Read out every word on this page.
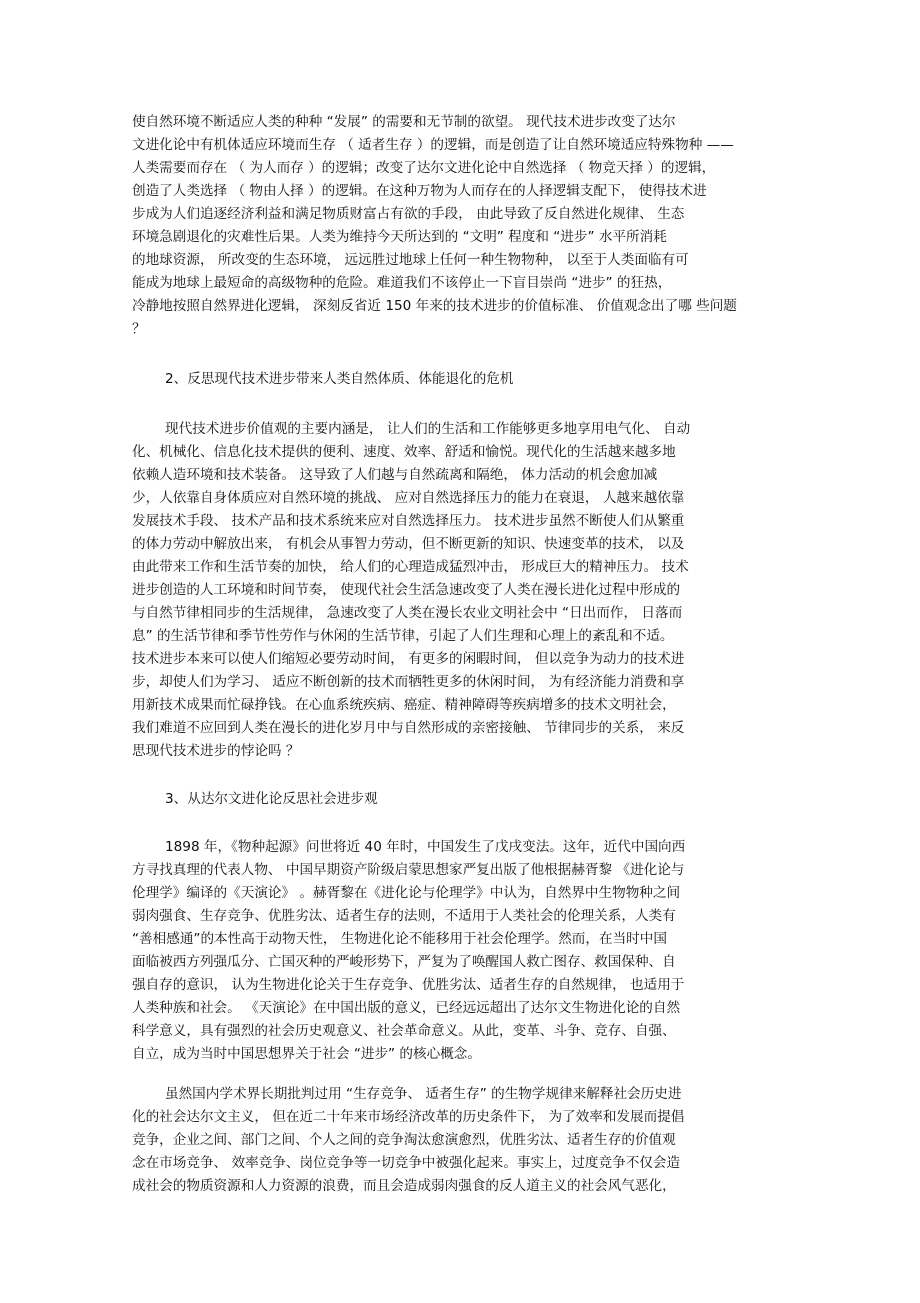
使自然环境不断适应人类的种种 “发展” 的需要和无节制的欲望。 现代技术进步改变了达尔
文进化论中有机体适应环境而生存 （ 适者生存 ）的逻辑，而是创造了让自然环境适应特殊物种 ——
人类需要而存在 （ 为人而存 ）的逻辑；改变了达尔文进化论中自然选择 （ 物竞天择 ）的逻辑，
创造了人类选择 （ 物由人择 ）的逻辑。在这种万物为人而存在的人择逻辑支配下， 使得技术进
步成为人们追逐经济利益和满足物质财富占有欲的手段， 由此导致了反自然进化规律、 生态
环境急剧退化的灾难性后果。人类为维持今天所达到的 “文明” 程度和 “进步” 水平所消耗
的地球资源， 所改变的生态环境， 远远胜过地球上任何一种生物物种， 以至于人类面临有可
能成为地球上最短命的高级物种的危险。难道我们不该停止一下盲目崇尚 “进步” 的狂热，
冷静地按照自然界进化逻辑， 深刻反省近 150 年来的技术进步的价值标准、 价值观念出了哪 些问题
？
2、反思现代技术进步带来人类自然体质、体能退化的危机
现代技术进步价值观的主要内涵是， 让人们的生活和工作能够更多地享用电气化、 自动
化、机械化、信息化技术提供的便利、速度、效率、舒适和愉悦。现代化的生活越来越多地
依赖人造环境和技术装备。 这导致了人们越与自然疏离和隔绝， 体力活动的机会愈加减
少，人依靠自身体质应对自然环境的挑战、 应对自然选择压力的能力在衰退， 人越来越依靠
发展技术手段、 技术产品和技术系统来应对自然选择压力。 技术进步虽然不断使人们从繁重
的体力劳动中解放出来， 有机会从事智力劳动，但不断更新的知识、快速变革的技术， 以及
由此带来工作和生活节奏的加快， 给人们的心理造成猛烈冲击， 形成巨大的精神压力。 技术
进步创造的人工环境和时间节奏， 使现代社会生活急速改变了人类在漫长进化过程中形成的
与自然节律相同步的生活规律， 急速改变了人类在漫长农业文明社会中 “日出而作， 日落而
息” 的生活节律和季节性劳作与休闲的生活节律，引起了人们生理和心理上的紊乱和不适。
技术进步本来可以使人们缩短必要劳动时间， 有更多的闲暇时间， 但以竞争为动力的技术进
步，却使人们为学习、 适应不断创新的技术而牺牲更多的休闲时间， 为有经济能力消费和享
用新技术成果而忙碌挣钱。在心血系统疾病、癌症、精神障碍等疾病增多的技术文明社会，
我们难道不应回到人类在漫长的进化岁月中与自然形成的亲密接触、 节律同步的关系， 来反
思现代技术进步的悖论吗 ？
3、从达尔文进化论反思社会进步观
1898 年，《物种起源》问世将近 40 年时，中国发生了戊戌变法。这年，近代中国向西
方寻找真理的代表人物、 中国早期资产阶级启蒙思想家严复出版了他根据赫胥黎 《进化论与
伦理学》编译的《天演论》 。赫胥黎在《进化论与伦理学》中认为，自然界中生物物种之间
弱肉强食、生存竞争、优胜劣汰、适者生存的法则，不适用于人类社会的伦理关系，人类有
“善相感通”的本性高于动物天性， 生物进化论不能移用于社会伦理学。然而，在当时中国
面临被西方列强瓜分、亡国灭种的严峻形势下，严复为了唤醒国人救亡图存、救国保种、自
强自存的意识， 认为生物进化论关于生存竞争、优胜劣汰、适者生存的自然规律， 也适用于
人类种族和社会。 《天演论》在中国出版的意义，已经远远超出了达尔文生物进化论的自然
科学意义，具有强烈的社会历史观意义、社会革命意义。从此，变革、斗争、竞存、自强、
自立，成为当时中国思想界关于社会 “进步” 的核心概念。
虽然国内学术界长期批判过用 “生存竞争、 适者生存” 的生物学规律来解释社会历史进
化的社会达尔文主义， 但在近二十年来市场经济改革的历史条件下， 为了效率和发展而提倡
竞争，企业之间、部门之间、个人之间的竞争淘汰愈演愈烈，优胜劣汰、适者生存的价值观
念在市场竞争、 效率竞争、岗位竞争等一切竞争中被强化起来。事实上，过度竞争不仅会造
成社会的物质资源和人力资源的浪费，而且会造成弱肉强食的反人道主义的社会风气恶化，
